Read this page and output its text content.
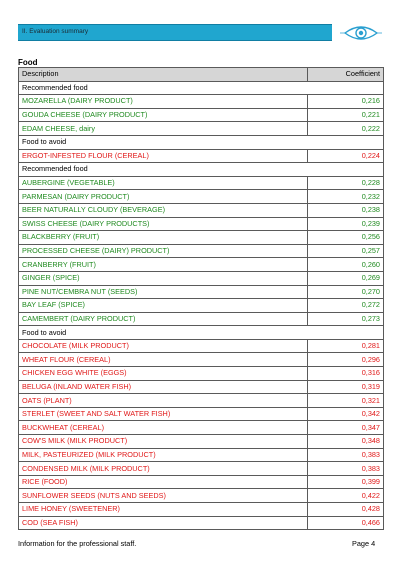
II. Evaluation summary
Food
Description	Coefficient
Recommended food	
MOZARELLA (DAIRY PRODUCT)	0,216
GOUDA CHEESE (DAIRY PRODUCT)	0,221
EDAM CHEESE, dairy	0,222
Food to avoid	
ERGOT-INFESTED FLOUR (CEREAL)	0,224
Recommended food	
AUBERGINE (VEGETABLE)	0,228
PARMESAN (DAIRY PRODUCT)	0,232
BEER NATURALLY CLOUDY (BEVERAGE)	0,238
SWISS CHEESE (DAIRY PRODUCTS)	0,239
BLACKBERRY (FRUIT)	0,256
PROCESSED CHEESE (DAIRY) PRODUCT)	0,257
CRANBERRY (FRUIT)	0,260
GINGER (SPICE)	0,269
PINE NUT/CEMBRA NUT (SEEDS)	0,270
BAY LEAF (SPICE)	0,272
CAMEMBERT (DAIRY PRODUCT)	0,273
Food to avoid	
CHOCOLATE (MILK PRODUCT)	0,281
WHEAT FLOUR (CEREAL)	0,296
CHICKEN EGG WHITE (EGGS)	0,316
BELUGA (INLAND WATER FISH)	0,319
OATS (PLANT)	0,321
STERLET (SWEET AND SALT WATER FISH)	0,342
BUCKWHEAT (CEREAL)	0,347
COW'S MILK (MILK PRODUCT)	0,348
MILK, PASTEURIZED (MILK PRODUCT)	0,383
CONDENSED MILK (MILK PRODUCT)	0,383
RICE (FOOD)	0,399
SUNFLOWER SEEDS (NUTS AND SEEDS)	0,422
LIME HONEY (SWEETENER)	0,428
COD (SEA FISH)	0,466
Information for the professional staff.	Page 4
